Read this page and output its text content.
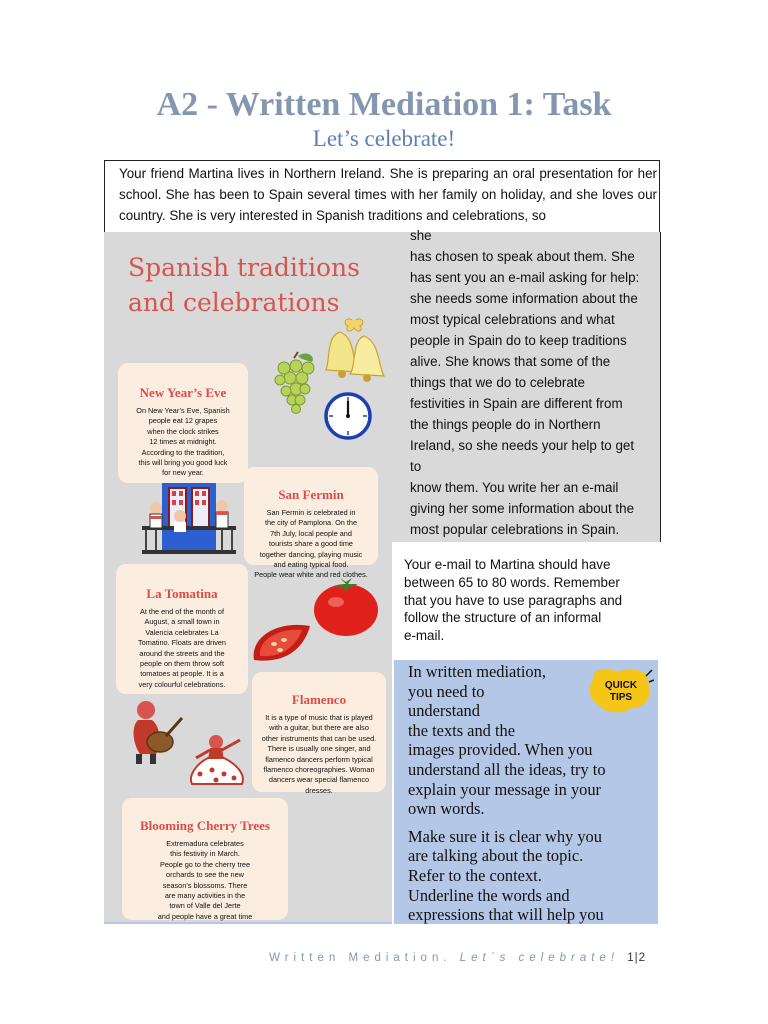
A2 - Written Mediation 1: Task
Let’s celebrate!
Your friend Martina lives in Northern Ireland. She is preparing an oral presentation for her school. She has been to Spain several times with her family on holiday, and she loves our country. She is very interested in Spanish traditions and celebrations, so
she
has chosen to speak about them. She
has sent you an e-mail asking for help:
she needs some information about the
most typical celebrations and what
people in Spain do to keep traditions
alive. She knows that some of the
things that we do to celebrate
festivities in Spain are different from
the things people do in Northern
Ireland, so she needs your help to get
to
know them. You write her an e-mail
giving her some information about the
most popular celebrations in Spain.
Spanish traditions
and celebrations
New Year’s Eve

On New Year’s Eve, Spanish
people eat 12 grapes
when the clock strikes
12 times at midnight.
According to the tradition,
this will bring you good luck
for new year.

San Fermin

San Fermin is celebrated in
the city of Pamplona. On the
7th July, local people and
tourists share a good time
together dancing, playing music
and eating typical food.
People wear white and red clothes.

La Tomatina

At the end of the month of
August, a small town in
Valencia celebrates La
Tomatino. Floats are driven
around the streets and the
people on them throw soft
tomatoes at people. It is a
very colourful celebrations.

Flamenco

It is a type of music that is played
with a guitar, but there are also
other instruments that can be used.
There is usually one singer, and
flamenco dancers perform typical
flamenco choreographies. Woman
dancers wear special flamenco
dresses.

Blooming Cherry Trees

Extremadura celebrates
this festivity in March.
People go to the cherry tree
orchards to see the new
season’s blossoms. There
are many activities in the
town of Valle del Jerte
and people have a great time

Your e-mail to Martina should have
between 65 to 80 words. Remember
that you have to use paragraphs and
follow the structure of an informal
e-mail.

In written mediation,
you need to
understand
the texts and the
images provided. When you
understand all the ideas, try to
explain your message in your
own words.

Make sure it is clear why you
are talking about the topic.
Refer to the context.
Underline the words and
expressions that will help you

QUICK
TIPS
Written Mediation. Let´s celebrate! 1|2
